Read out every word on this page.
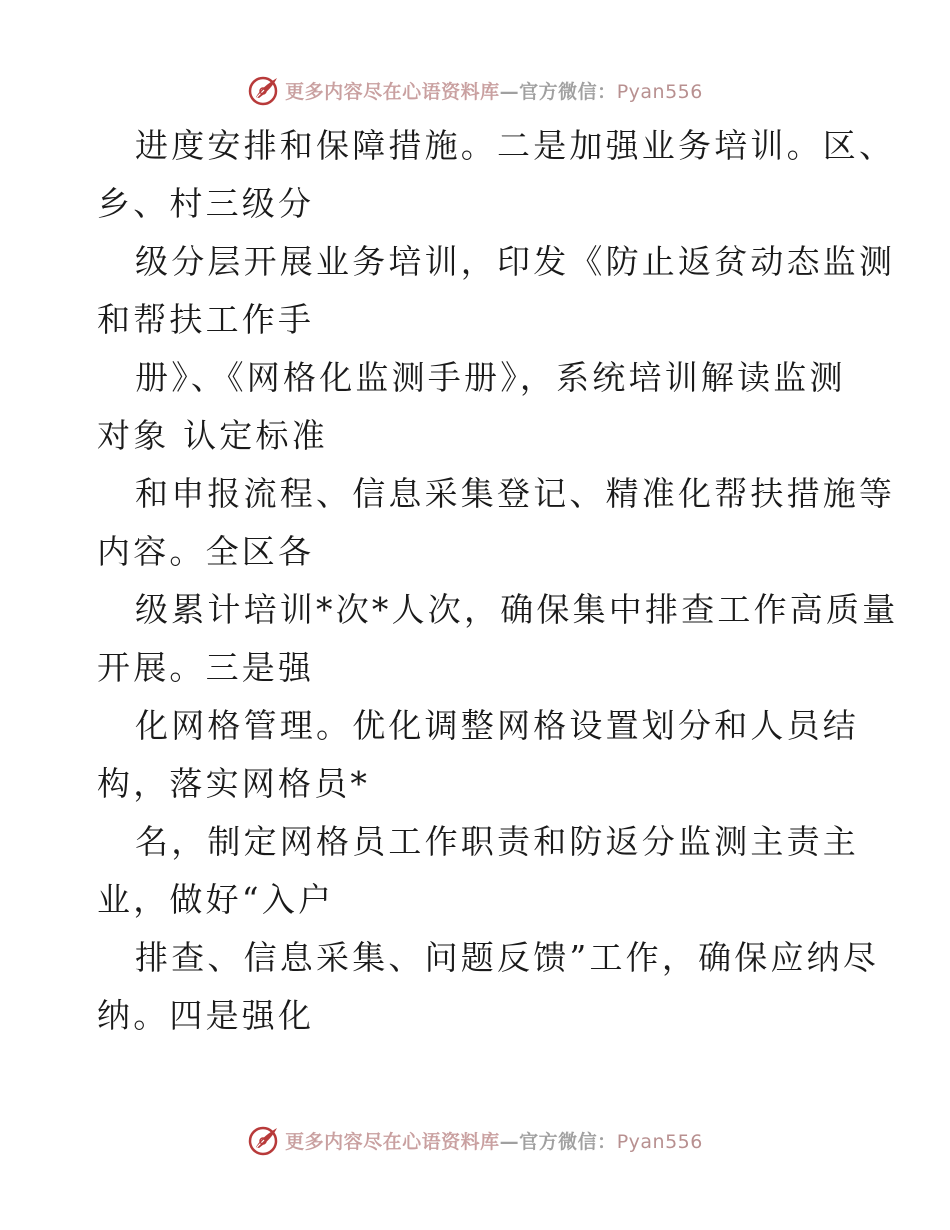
更多内容尽在心语资料库 — 官方微信： Pyan556
进度安排和保障措施。二是加强业务培训。区、
乡、村三级分
级分层开展业务培训，印发《防止返贫动态监测
和帮扶工作手
册》、《网格化监测手册》，系统培训解读监测
对象 认定标准
和申报流程、信息采集登记、精准化帮扶措施等
内容。全区各
级累计培训*次*人次，确保集中排查工作高质量
开展。三是强
化网格管理。优化调整网格设置划分和人员结
构，落实网格员*
名，制定网格员工作职责和防返分监测主责主
业，做好“入户
排查、信息采集、问题反馈”工作，确保应纳尽
纳。四是强化
更多内容尽在心语资料库 — 官方微信： Pyan556
